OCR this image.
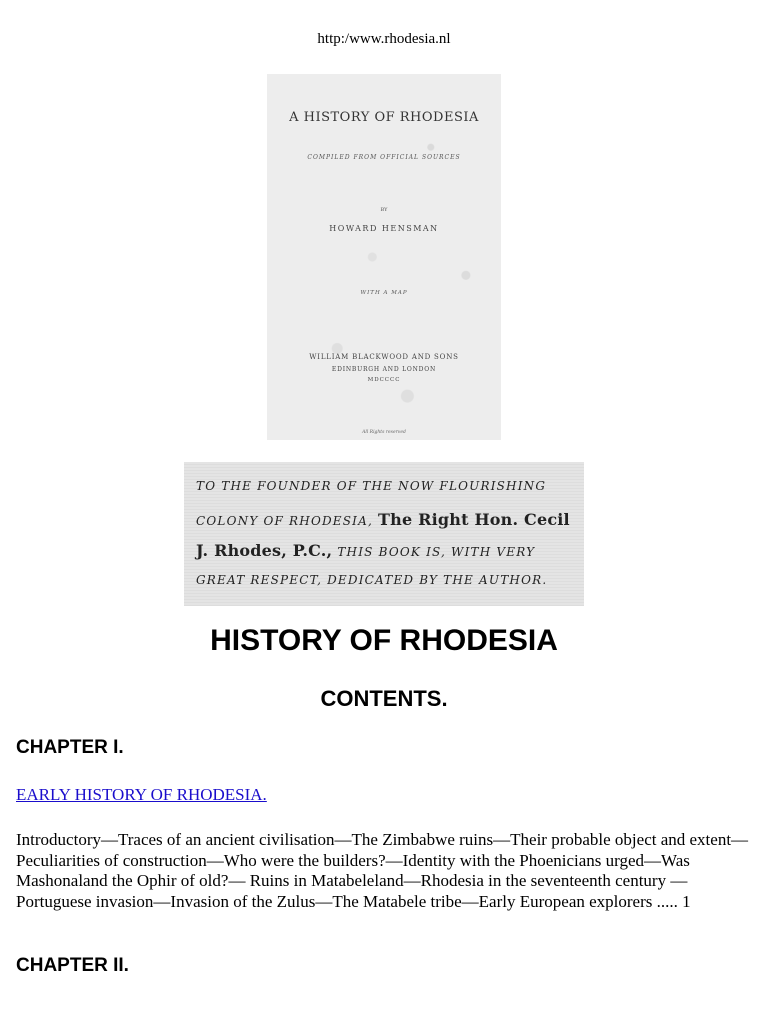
http:/www.rhodesia.nl
A HISTORY OF RHODESIA
COMPILED FROM OFFICIAL SOURCES
BY
HOWARD HENSMAN
WITH A MAP
WILLIAM BLACKWOOD AND SONS
EDINBURGH AND LONDON
MDCCCC
All Rights reserved
TO THE FOUNDER OF THE NOW FLOURISHING
COLONY OF RHODESIA, The Right Hon. Cecil
J. Rhodes, P.C., THIS BOOK IS, WITH VERY
GREAT RESPECT, DEDICATED BY THE AUTHOR.
HISTORY OF RHODESIA
CONTENTS.
CHAPTER I.
EARLY HISTORY OF RHODESIA.

Introductory—Traces of an ancient civilisation—The Zimbabwe ruins—Their probable object and extent—Peculiarities of construction—Who were the builders?—Identity with the Phoenicians urged—Was Mashonaland the Ophir of old?— Ruins in Matabeleland—Rhodesia in the seventeenth century —Portuguese invasion—Invasion of the Zulus—The Matabele tribe—Early European explorers ..... 1

CHAPTER II.
